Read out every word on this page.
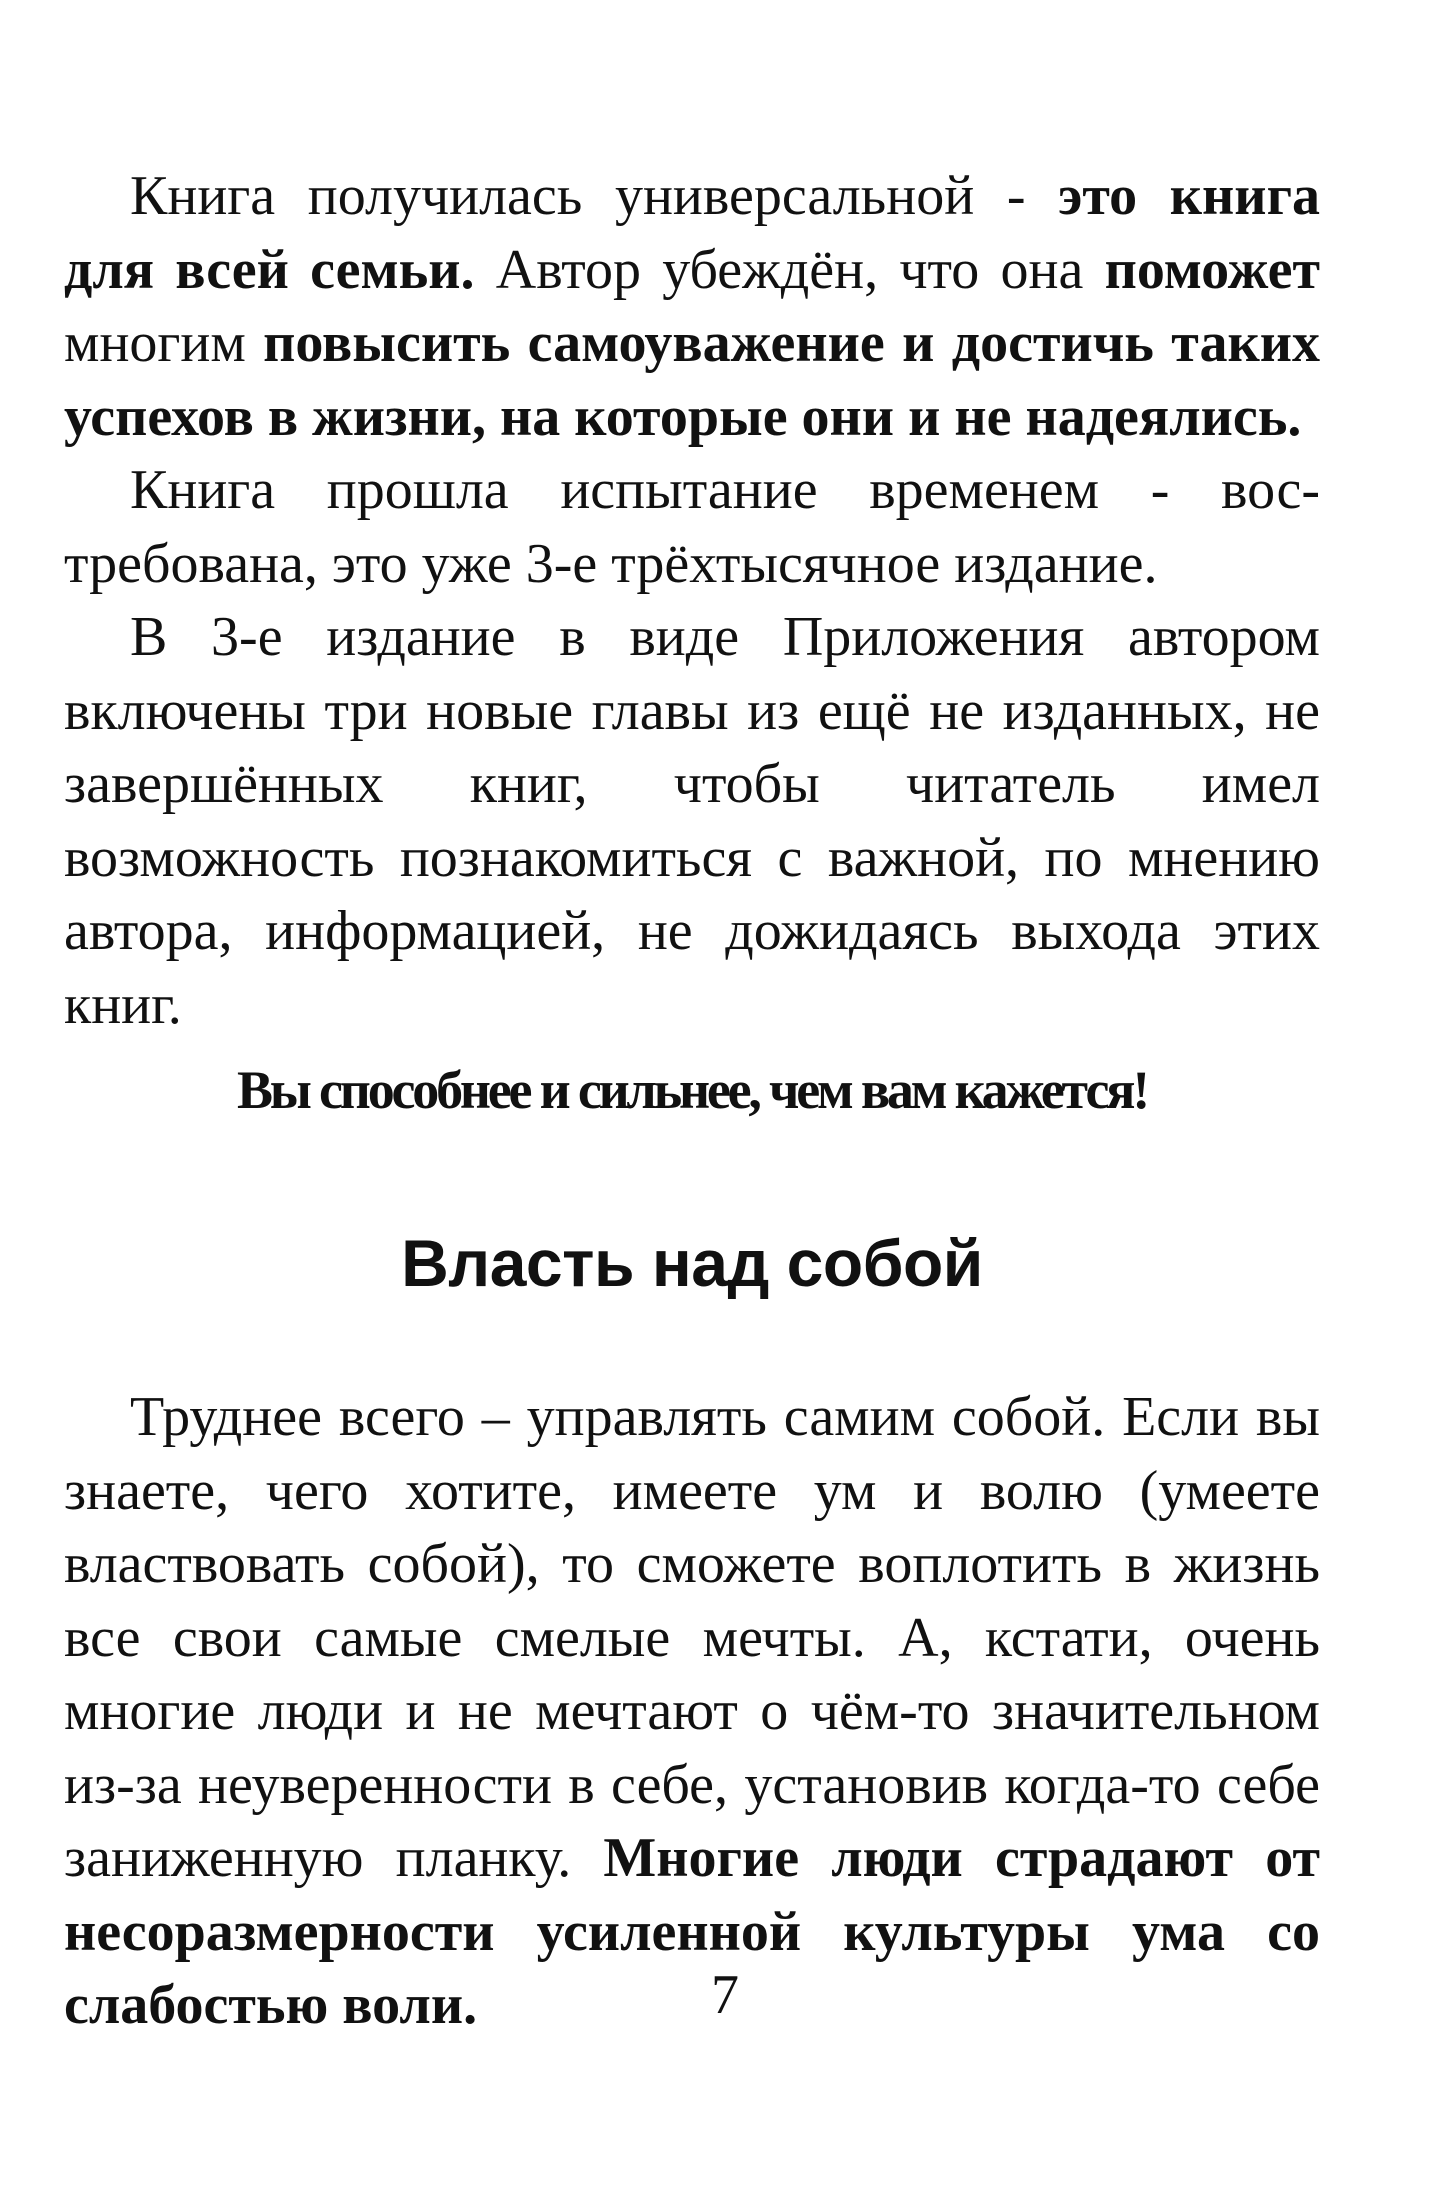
Книга получилась универсальной - это книга для всей семьи. Автор убеждён, что она поможет многим повысить самоуважение и достичь таких успехов в жизни, на которые они и не надеялись.

Книга прошла испытание временем - востребована, это уже 3-е трёхтысячное издание.

В 3-е издание в виде Приложения автором включены три новые главы из ещё не изданных, не завершённых книг, чтобы читатель имел возможность познакомиться с важной, по мнению автора, информацией, не дожидаясь выхода этих книг.

Вы способнее и сильнее, чем вам кажется!

Власть над собой

Труднее всего – управлять самим собой. Если вы знаете, чего хотите, имеете ум и волю (умеете властвовать собой), то сможете воплотить в жизнь все свои самые смелые мечты. А, кстати, очень многие люди и не мечтают о чём-то значительном из-за неуверенности в себе, установив когда-то себе заниженную планку. Многие люди страдают от несоразмерности усиленной культуры ума со слабостью воли.	7
